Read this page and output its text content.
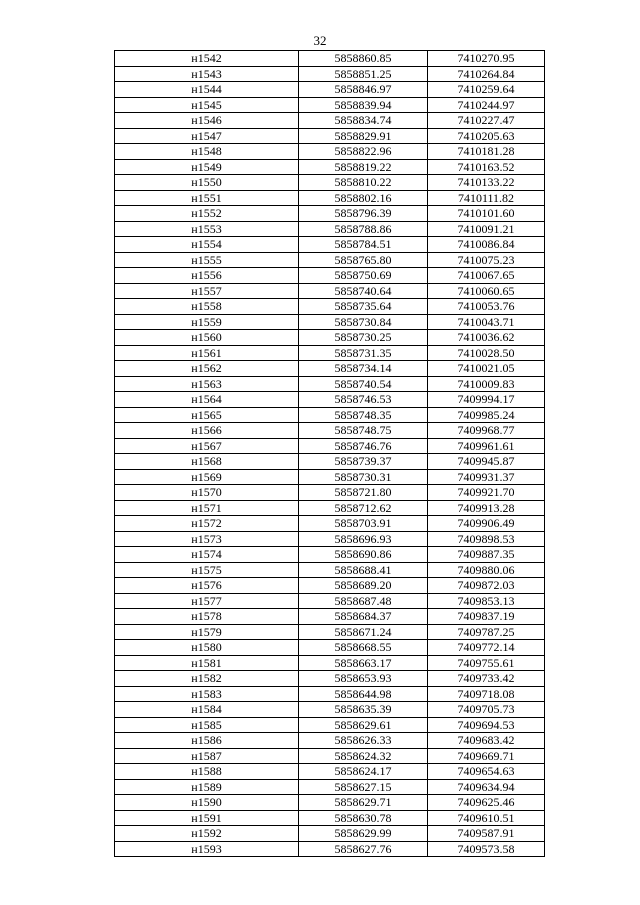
32
н1542	5858860.85	7410270.95
н1543	5858851.25	7410264.84
н1544	5858846.97	7410259.64
н1545	5858839.94	7410244.97
н1546	5858834.74	7410227.47
н1547	5858829.91	7410205.63
н1548	5858822.96	7410181.28
н1549	5858819.22	7410163.52
н1550	5858810.22	7410133.22
н1551	5858802.16	7410111.82
н1552	5858796.39	7410101.60
н1553	5858788.86	7410091.21
н1554	5858784.51	7410086.84
н1555	5858765.80	7410075.23
н1556	5858750.69	7410067.65
н1557	5858740.64	7410060.65
н1558	5858735.64	7410053.76
н1559	5858730.84	7410043.71
н1560	5858730.25	7410036.62
н1561	5858731.35	7410028.50
н1562	5858734.14	7410021.05
н1563	5858740.54	7410009.83
н1564	5858746.53	7409994.17
н1565	5858748.35	7409985.24
н1566	5858748.75	7409968.77
н1567	5858746.76	7409961.61
н1568	5858739.37	7409945.87
н1569	5858730.31	7409931.37
н1570	5858721.80	7409921.70
н1571	5858712.62	7409913.28
н1572	5858703.91	7409906.49
н1573	5858696.93	7409898.53
н1574	5858690.86	7409887.35
н1575	5858688.41	7409880.06
н1576	5858689.20	7409872.03
н1577	5858687.48	7409853.13
н1578	5858684.37	7409837.19
н1579	5858671.24	7409787.25
н1580	5858668.55	7409772.14
н1581	5858663.17	7409755.61
н1582	5858653.93	7409733.42
н1583	5858644.98	7409718.08
н1584	5858635.39	7409705.73
н1585	5858629.61	7409694.53
н1586	5858626.33	7409683.42
н1587	5858624.32	7409669.71
н1588	5858624.17	7409654.63
н1589	5858627.15	7409634.94
н1590	5858629.71	7409625.46
н1591	5858630.78	7409610.51
н1592	5858629.99	7409587.91
н1593	5858627.76	7409573.58
